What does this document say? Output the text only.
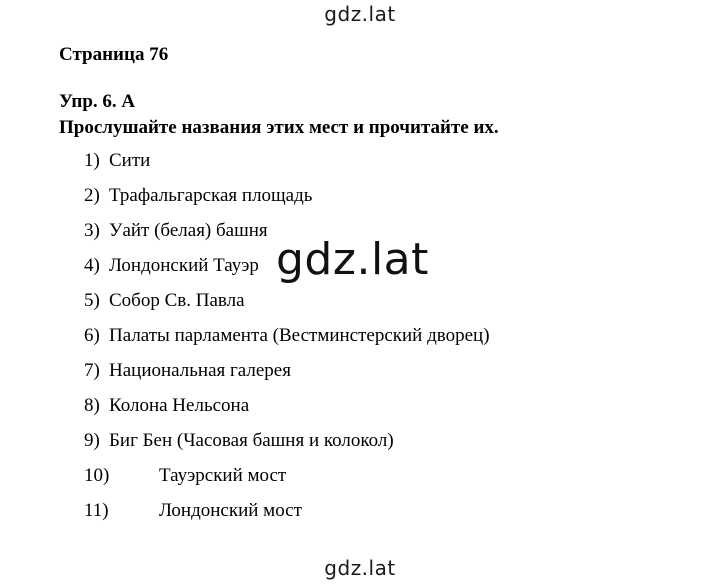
gdz.lat
Страница 76
Упр. 6. А
Прослушайте названия этих мест и прочитайте их.
1) Сити
2) Трафальгарская площадь
3) Уайт (белая) башня
4) Лондонский Тауэр
5) Собор Св. Павла
6) Палаты парламента (Вестминстерский дворец)
7) Национальная галерея
8) Колона Нельсона
9) Биг Бен (Часовая башня и колокол)
10)	Тауэрский мост
11)	Лондонский мост
gdz.lat
gdz.lat
